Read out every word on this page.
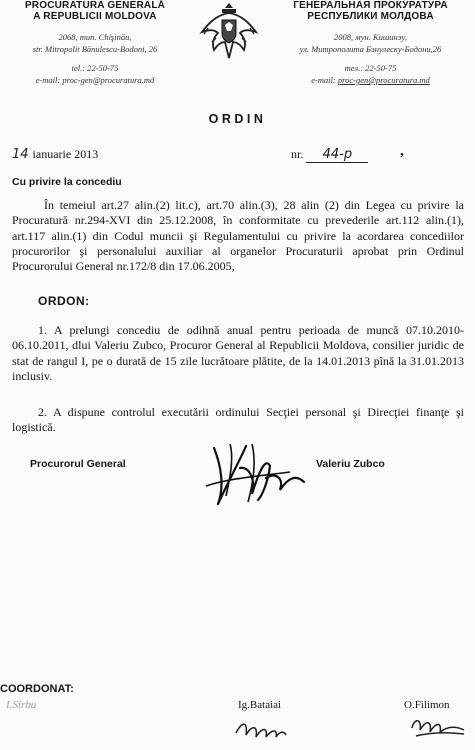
PROCURATURA GENERALĂ
A REPUBLICII MOLDOVA
2068, mun. Chişinău,
str. Mitropolit Bănulescu-Bodoni, 26
tel.: 22-50-75
e-mail: proc-gen@procuratura.md
ГЕНЕРАЛЬНАЯ ПРОКУРАТУРА
РЕСПУБЛИКИ МОЛДОВА
2008, мун. Кишинэу,
ул. Митрополита Бэнулеску-Бодони,26
тел.: 22-50-75
e-mail: proc-gen@procuratura.md
ORDIN
14 ianuarie 2013	nr. 44-p	,
Cu privire la concediu
În temeiul art.27 alin.(2) lit.c), art.70 alin.(3), 28 alin (2) din Legea cu privire la Procuratură nr.294-XVI din 25.12.2008, în conformitate cu prevederile art.112 alin.(1), art.117 alin.(1) din Codul muncii şi Regulamentului cu privire la acordarea concediilor procurorilor şi personalului auxiliar al organelor Procuraturii aprobat prin Ordinul Procurorului General nr.172/8 din 17.06.2005,
ORDON:
1. A prelungi concediu de odihnă anual pentru perioada de muncă 07.10.2010-06.10.2011, dlui Valeriu Zubco, Procuror General al Republicii Moldova, consilier juridic de stat de rangul I, pe o durată de 15 zile lucrătoare plătite, de la 14.01.2013 pînă la 31.01.2013 inclusiv.
2. A dispune controlul executării ordinului Secţiei personal şi Direcţiei finanţe şi logistică.
Procurorul General	Valeriu Zubco
COORDONAT:
I.Sîrbu	Ig.Bataiai	O.Filimon
